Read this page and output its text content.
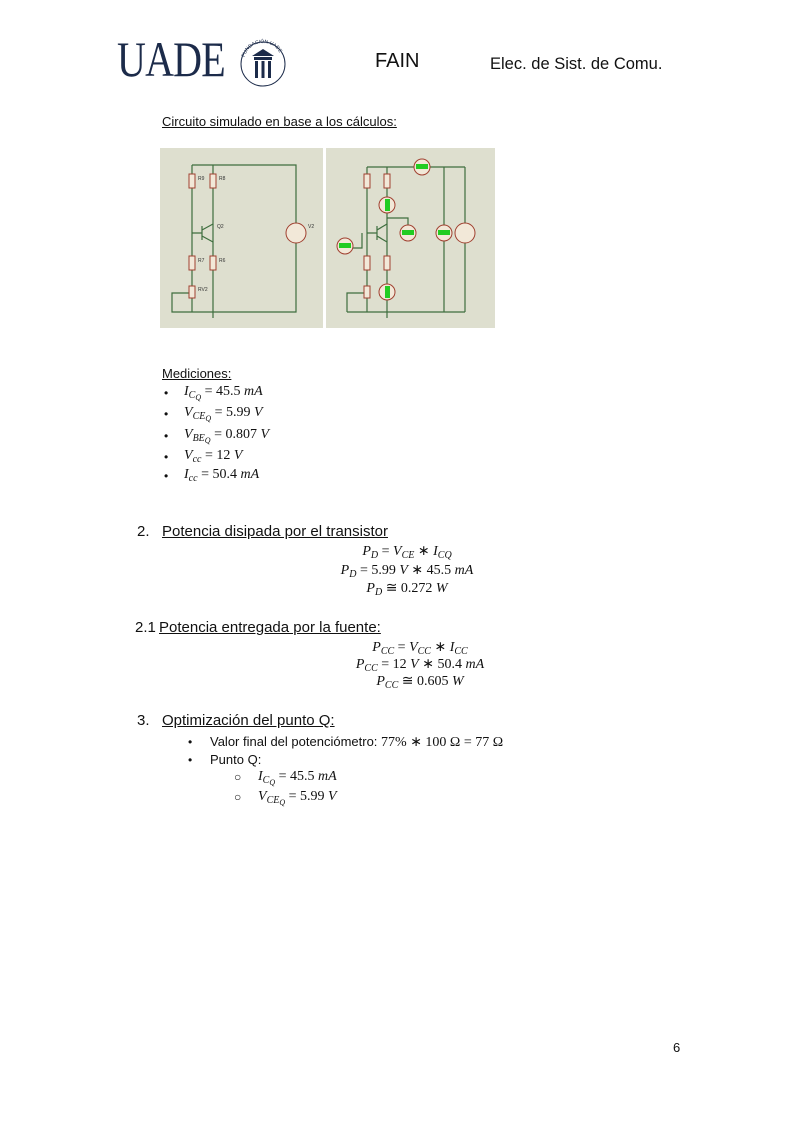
UADE	FUNDACIÓN UADE	FAIN	Elec. de Sist. de Comu.
Circuito simulado en base a los cálculos:
R9	R8
Q2
R7	R6
RV2
V2
Mediciones:
• $I_{C_Q} = 45.5$ mA
• $V_{CE_Q} = 5.99$ V
• $V_{BE_Q} = 0.807$ V
• $V_{cc} = 12$ V
• $I_{cc} = 50.4$ mA
2. Potencia disipada por el transistor
$P_D = V_{CE}$ ∗ $I_{CQ}$
$P_D = 5.99$ V ∗ 45.5 mA
$P_D$ ≅ 0.272 W
2.1 Potencia entregada por la fuente:
$P_{CC} = V_{CC}$ ∗ $I_{CC}$
$P_{CC} = 12$ V ∗ 50.4 mA
$P_{CC}$ ≅ 0.605 W
3. Optimización del punto Q:
• Valor final del potenciómetro: 77% ∗ 100 Ω = 77 Ω
• Punto Q:
○ $I_{C_Q} = 45.5$ mA
○ $V_{CE_Q} = 5.99$ V
6
